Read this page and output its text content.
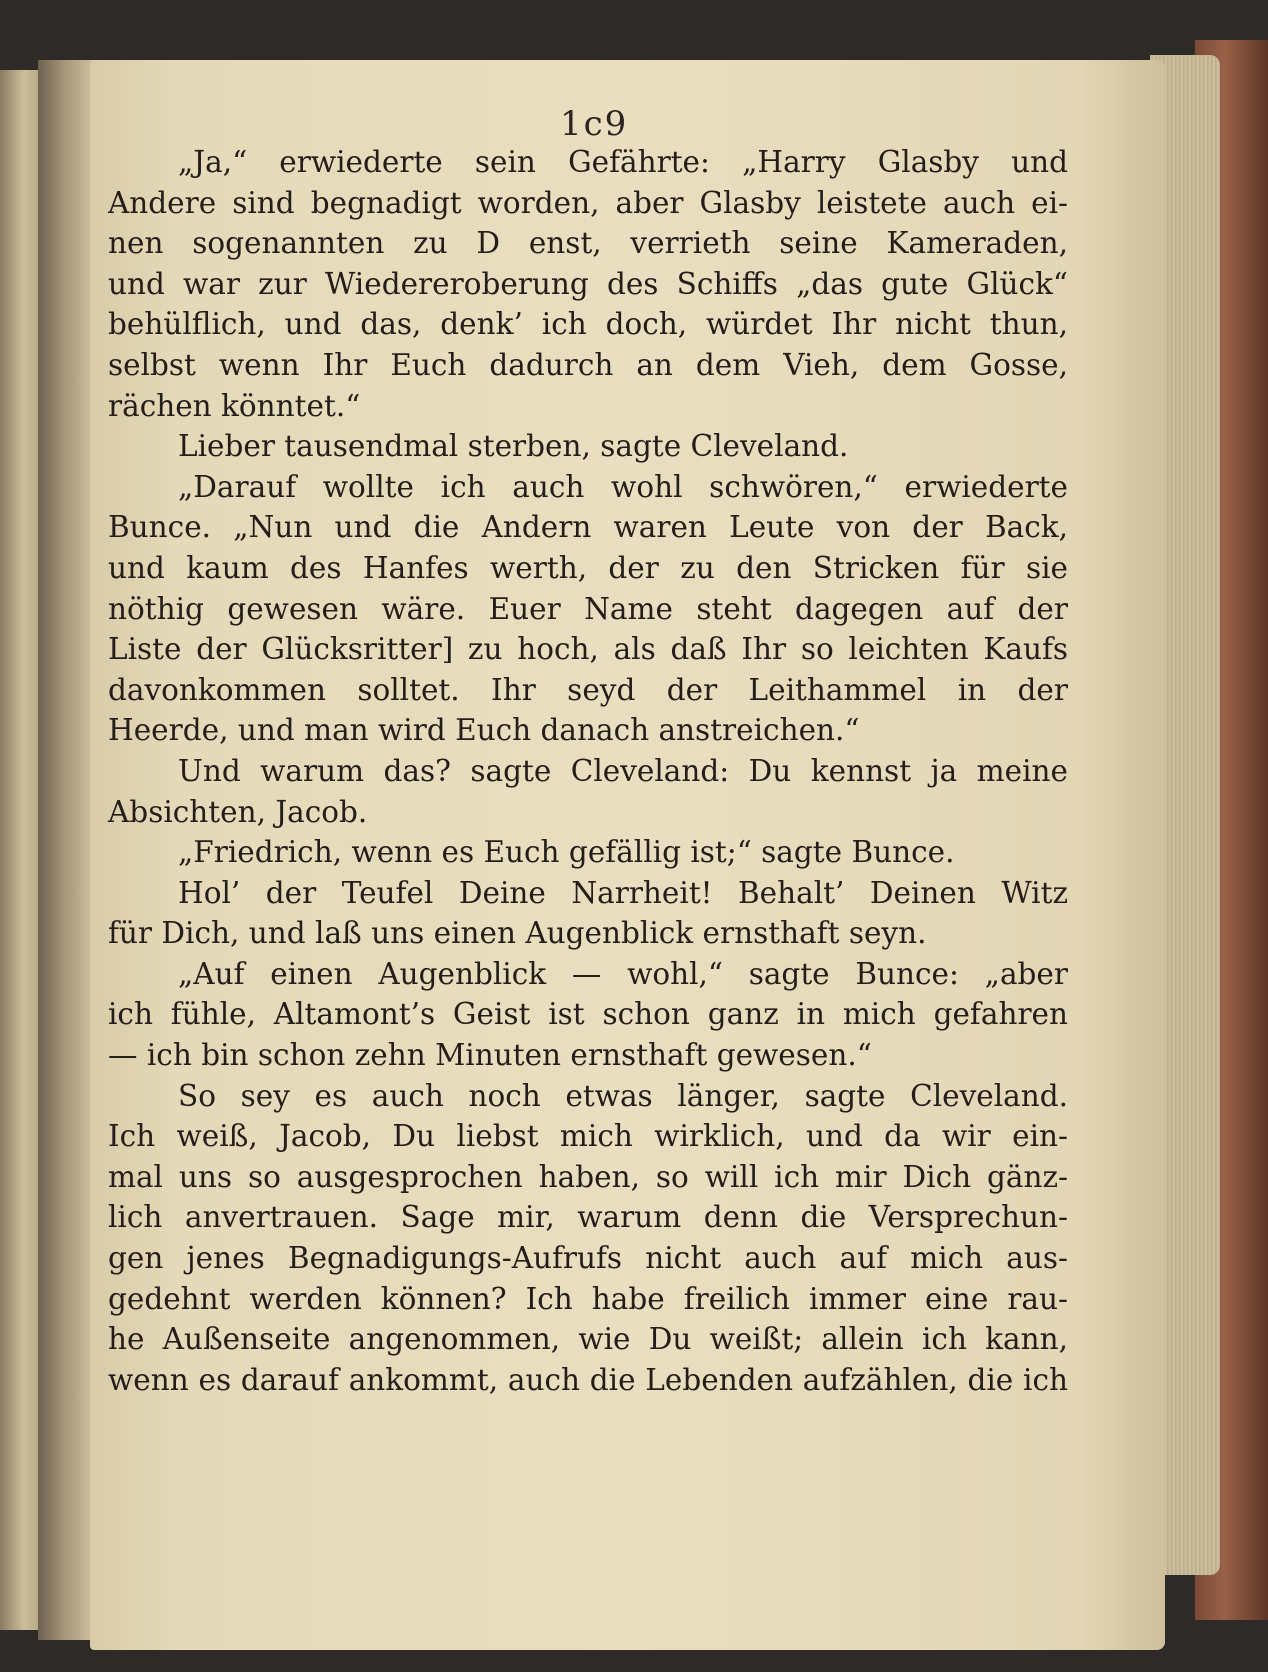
1c9
„Ja,“ erwiederte sein Gefährte: „Harry Glasby und
Andere sind begnadigt worden, aber Glasby leistete auch ei-
nen sogenannten zu D enst, verrieth seine Kameraden,
und war zur Wiedereroberung des Schiffs „das gute Glück“
behülflich, und das, denk’ ich doch, würdet Ihr nicht thun,
selbst wenn Ihr Euch dadurch an dem Vieh, dem Gosse,
rächen könntet.“
Lieber tausendmal sterben, sagte Cleveland.
„Darauf wollte ich auch wohl schwören,“ erwiederte
Bunce. „Nun und die Andern waren Leute von der Back,
und kaum des Hanfes werth, der zu den Stricken für sie
nöthig gewesen wäre. Euer Name steht dagegen auf der
Liste der Glücksritter] zu hoch, als daß Ihr so leichten Kaufs
davonkommen solltet. Ihr seyd der Leithammel in der
Heerde, und man wird Euch danach anstreichen.“
Und warum das? sagte Cleveland: Du kennst ja meine
Absichten, Jacob.
„Friedrich, wenn es Euch gefällig ist;“ sagte Bunce.
Hol’ der Teufel Deine Narrheit! Behalt’ Deinen Witz
für Dich, und laß uns einen Augenblick ernsthaft seyn.
„Auf einen Augenblick — wohl,“ sagte Bunce: „aber
ich fühle, Altamont’s Geist ist schon ganz in mich gefahren
— ich bin schon zehn Minuten ernsthaft gewesen.“
So sey es auch noch etwas länger, sagte Cleveland.
Ich weiß, Jacob, Du liebst mich wirklich, und da wir ein-
mal uns so ausgesprochen haben, so will ich mir Dich gänz-
lich anvertrauen. Sage mir, warum denn die Versprechun-
gen jenes Begnadigungs-Aufrufs nicht auch auf mich aus-
gedehnt werden können? Ich habe freilich immer eine rau-
he Außenseite angenommen, wie Du weißt; allein ich kann,
wenn es darauf ankommt, auch die Lebenden aufzählen, die ich
